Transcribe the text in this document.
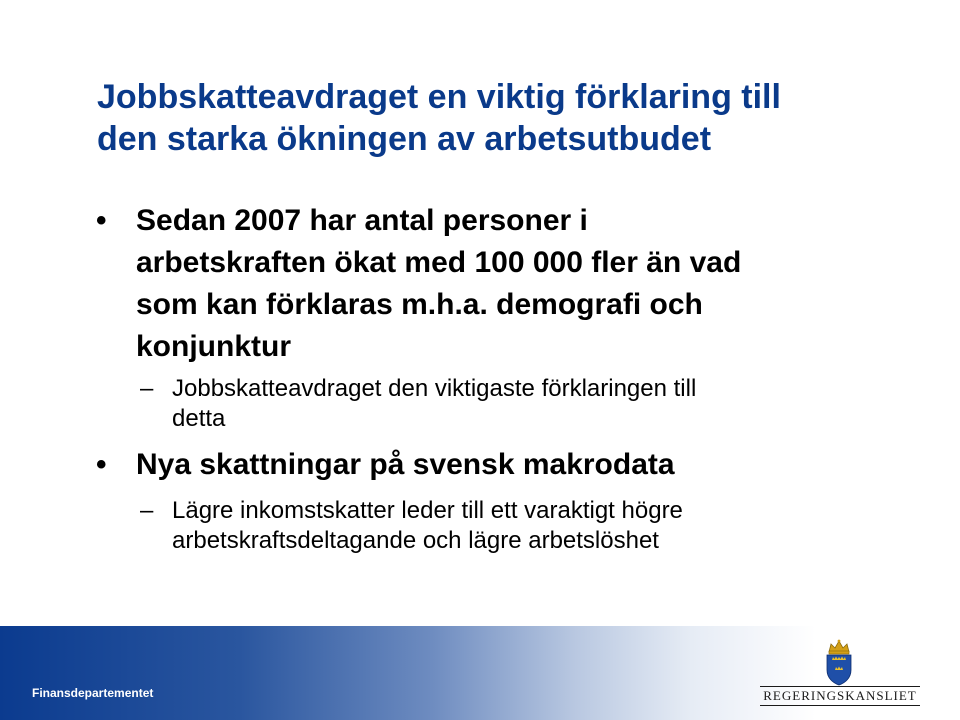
Jobbskatteavdraget en viktig förklaring till
den starka ökningen av arbetsutbudet
• Sedan 2007 har antal personer i
arbetskraften ökat med 100 000 fler än vad
som kan förklaras m.h.a. demografi och
konjunktur
– Jobbskatteavdraget den viktigaste förklaringen till
detta
• Nya skattningar på svensk makrodata
– Lägre inkomstskatter leder till ett varaktigt högre
arbetskraftsdeltagande och lägre arbetslöshet
Finansdepartementet	REGERINGSKANSLIET
